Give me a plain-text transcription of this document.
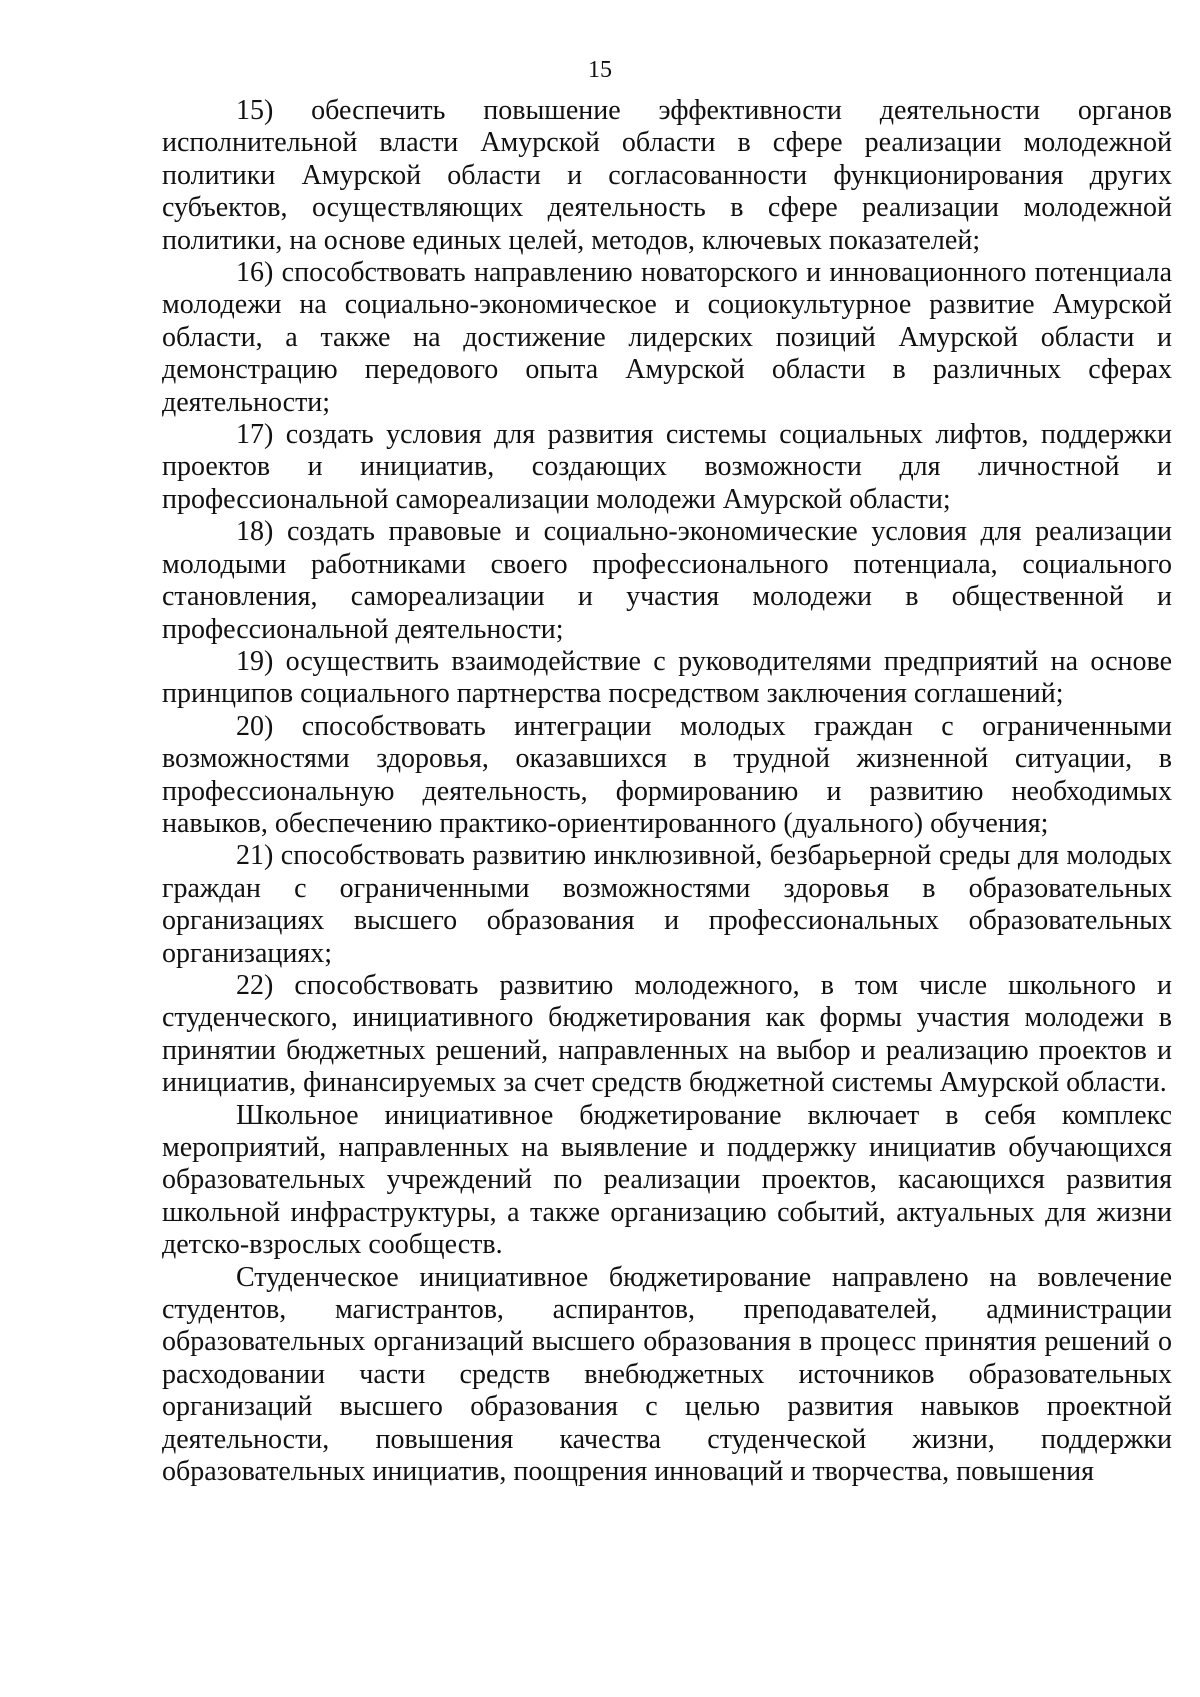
15

15) обеспечить повышение эффективности деятельности органов исполнительной власти Амурской области в сфере реализации молодежной политики Амурской области и согласованности функционирования других субъектов, осуществляющих деятельность в сфере реализации молодежной политики, на основе единых целей, методов, ключевых показателей;

16) способствовать направлению новаторского и инновационного потенциала молодежи на социально-экономическое и социокультурное развитие Амурской области, а также на достижение лидерских позиций Амурской области и демонстрацию передового опыта Амурской области в различных сферах деятельности;

17) создать условия для развития системы социальных лифтов, поддержки проектов и инициатив, создающих возможности для личностной и профессиональной самореализации молодежи Амурской области;

18) создать правовые и социально-экономические условия для реализации молодыми работниками своего профессионального потенциала, социального становления, самореализации и участия молодежи в общественной и профессиональной деятельности;

19) осуществить взаимодействие с руководителями предприятий на основе принципов социального партнерства посредством заключения соглашений;

20) способствовать интеграции молодых граждан с ограниченными возможностями здоровья, оказавшихся в трудной жизненной ситуации, в профессиональную деятельность, формированию и развитию необходимых навыков, обеспечению практико-ориентированного (дуального) обучения;

21) способствовать развитию инклюзивной, безбарьерной среды для молодых граждан с ограниченными возможностями здоровья в образовательных организациях высшего образования и профессиональных образовательных организациях;

22) способствовать развитию молодежного, в том числе школьного и студенческого, инициативного бюджетирования как формы участия молодежи в принятии бюджетных решений, направленных на выбор и реализацию проектов и инициатив, финансируемых за счет средств бюджетной системы Амурской области.

Школьное инициативное бюджетирование включает в себя комплекс мероприятий, направленных на выявление и поддержку инициатив обучающихся образовательных учреждений по реализации проектов, касающихся развития школьной инфраструктуры, а также организацию событий, актуальных для жизни детско-взрослых сообществ.

Студенческое инициативное бюджетирование направлено на вовлечение студентов, магистрантов, аспирантов, преподавателей, администрации образовательных организаций высшего образования в процесс принятия решений о расходовании части средств внебюджетных источников образовательных организаций высшего образования с целью развития навыков проектной деятельности, повышения качества студенческой жизни, поддержки образовательных инициатив, поощрения инноваций и творчества, повышения
